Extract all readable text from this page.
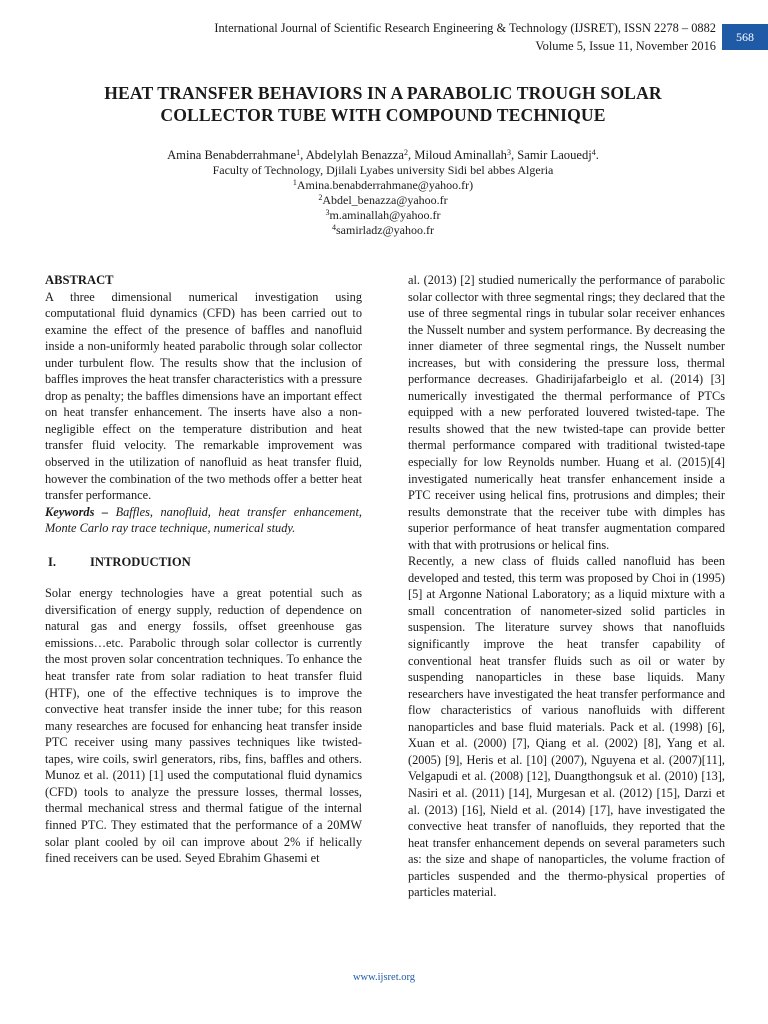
International Journal of Scientific Research Engineering & Technology (IJSRET), ISSN 2278 – 0882
Volume 5, Issue 11, November 2016
568
HEAT TRANSFER BEHAVIORS IN A PARABOLIC TROUGH SOLAR
COLLECTOR TUBE WITH COMPOUND TECHNIQUE
Amina Benabderrahmane$^1$, Abdelylah Benazza$^2$, Miloud Aminallah$^3$, Samir Laouedj$^4$.
Faculty of Technology, Djilali Lyabes university Sidi bel abbes Algeria
$^1$Amina.benabderrahmane@yahoo.fr)
$^2$Abdel_benazza@yahoo.fr
$^3$m.aminallah@yahoo.fr
$^4$samirladz@yahoo.fr
ABSTRACT

A three dimensional numerical investigation using computational fluid dynamics (CFD) has been carried out to examine the effect of the presence of baffles and nanofluid inside a non-uniformly heated parabolic through solar collector under turbulent flow. The results show that the inclusion of baffles improves the heat transfer characteristics with a pressure drop as penalty; the baffles dimensions have an important effect on heat transfer enhancement. The inserts have also a non-negligible effect on the temperature distribution and heat transfer fluid velocity. The remarkable improvement was observed in the utilization of nanofluid as heat transfer fluid, however the combination of the two methods offer a better heat transfer performance.

Keywords – Baffles, nanofluid, heat transfer enhancement, Monte Carlo ray trace technique, numerical study.

I.	INTRODUCTION

Solar energy technologies have a great potential such as diversification of energy supply, reduction of dependence on natural gas and energy fossils, offset greenhouse gas emissions…etc. Parabolic through solar collector is currently the most proven solar concentration techniques. To enhance the heat transfer rate from solar radiation to heat transfer fluid (HTF), one of the effective techniques is to improve the convective heat transfer inside the inner tube; for this reason many researches are focused for enhancing heat transfer inside PTC receiver using many passives techniques like twisted-tapes, wire coils, swirl generators, ribs, fins, baffles and others. Munoz et al. (2011) [1] used the computational fluid dynamics (CFD) tools to analyze the pressure losses, thermal losses, thermal mechanical stress and thermal fatigue of the internal finned PTC. They estimated that the performance of a 20MW solar plant cooled by oil can improve about 2% if helically fined receivers can be used. Seyed Ebrahim Ghasemi et

al. (2013) [2] studied numerically the performance of parabolic solar collector with three segmental rings; they declared that the use of three segmental rings in tubular solar receiver enhances the Nusselt number and system performance. By decreasing the inner diameter of three segmental rings, the Nusselt number increases, but with considering the pressure loss, thermal performance decreases. Ghadirijafarbeiglo et al. (2014) [3] numerically investigated the thermal performance of PTCs equipped with a new perforated louvered twisted-tape. The results showed that the new twisted-tape can provide better thermal performance compared with traditional twisted-tape especially for low Reynolds number. Huang et al. (2015)[4] investigated numerically heat transfer enhancement inside a PTC receiver using helical fins, protrusions and dimples; their results demonstrate that the receiver tube with dimples has superior performance of heat transfer augmentation compared with that with protrusions or helical fins.

Recently, a new class of fluids called nanofluid has been developed and tested, this term was proposed by Choi in (1995) [5] at Argonne National Laboratory; as a liquid mixture with a small concentration of nanometer-sized solid particles in suspension. The literature survey shows that nanofluids significantly improve the heat transfer capability of conventional heat transfer fluids such as oil or water by suspending nanoparticles in these base liquids. Many researchers have investigated the heat transfer performance and flow characteristics of various nanofluids with different nanoparticles and base fluid materials. Pack et al. (1998) [6], Xuan et al. (2000) [7], Qiang et al. (2002) [8], Yang et al. (2005) [9], Heris et al. [10] (2007), Nguyena et al. (2007)[11], Velgapudi et al. (2008) [12], Duangthongsuk et al. (2010) [13], Nasiri et al. (2011) [14], Murgesan et al. (2012) [15], Darzi et al. (2013) [16], Nield et al. (2014) [17], have investigated the convective heat transfer of nanofluids, they reported that the heat transfer enhancement depends on several parameters such as: the size and shape of nanoparticles, the volume fraction of particles suspended and the thermo-physical properties of particles material.

www.ijsret.org
